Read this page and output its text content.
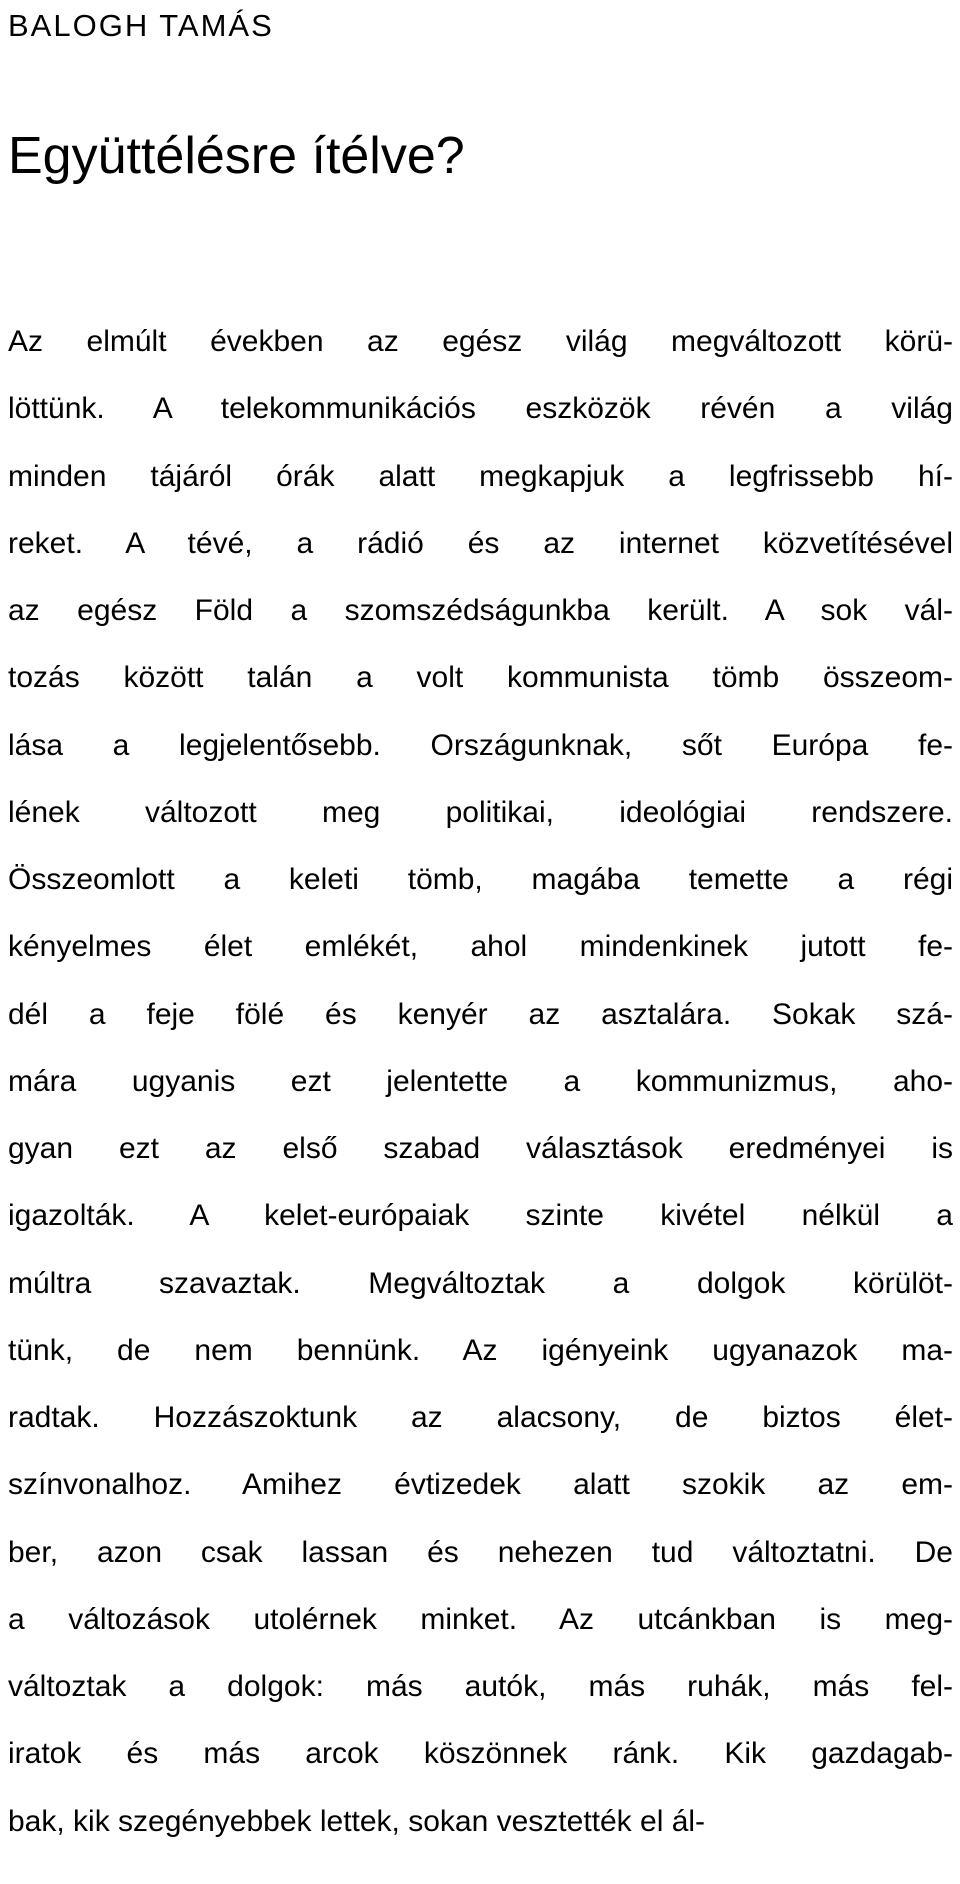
BALOGH TAMÁS
Együttélésre ítélve?
Az elmúlt években az egész világ megváltozott körü-
löttünk. A telekommunikációs eszközök révén a világ
minden tájáról órák alatt megkapjuk a legfrissebb hí-
reket. A tévé, a rádió és az internet közvetítésével
az egész Föld a szomszédságunkba került. A sok vál-
tozás között talán a volt kommunista tömb összeom-
lása a legjelentősebb. Országunknak, sőt Európa fe-
lének változott meg politikai, ideológiai rendszere.
Összeomlott a keleti tömb, magába temette a régi
kényelmes élet emlékét, ahol mindenkinek jutott fe-
dél a feje fölé és kenyér az asztalára. Sokak szá-
mára ugyanis ezt jelentette a kommunizmus, aho-
gyan ezt az első szabad választások eredményei is
igazolták. A kelet-európaiak szinte kivétel nélkül a
múltra szavaztak. Megváltoztak a dolgok körülöt-
tünk, de nem bennünk. Az igényeink ugyanazok ma-
radtak. Hozzászoktunk az alacsony, de biztos élet-
színvonalhoz. Amihez évtizedek alatt szokik az em-
ber, azon csak lassan és nehezen tud változtatni. De
a változások utolérnek minket. Az utcánkban is meg-
változtak a dolgok: más autók, más ruhák, más fel-
iratok és más arcok köszönnek ránk. Kik gazdagab-
bak, kik szegényebbek lettek, sokan vesztették el ál-
